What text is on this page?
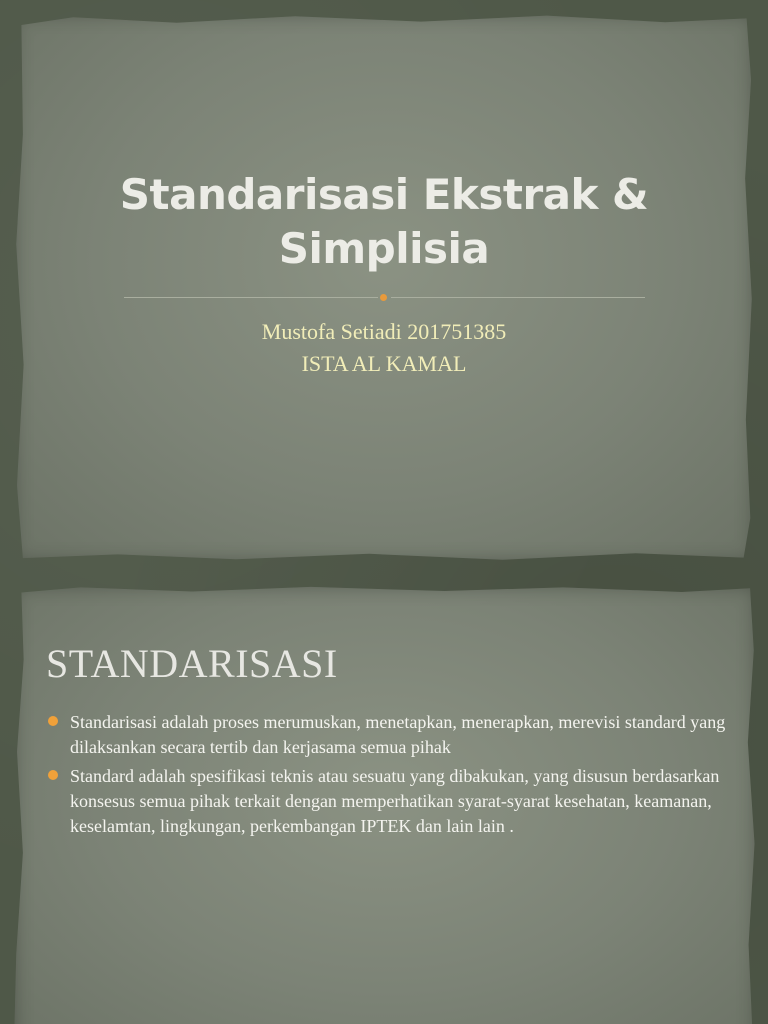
Standarisasi Ekstrak &
Simplisia
Mustofa Setiadi 201751385
ISTA AL KAMAL
STANDARISASI
Standarisasi adalah proses merumuskan, menetapkan, menerapkan, merevisi standard yang dilaksankan secara tertib dan kerjasama semua pihak
Standard adalah spesifikasi teknis atau sesuatu yang dibakukan, yang disusun berdasarkan konsesus semua pihak terkait dengan memperhatikan syarat-syarat kesehatan, keamanan, keselamtan, lingkungan, perkembangan IPTEK dan lain lain .
